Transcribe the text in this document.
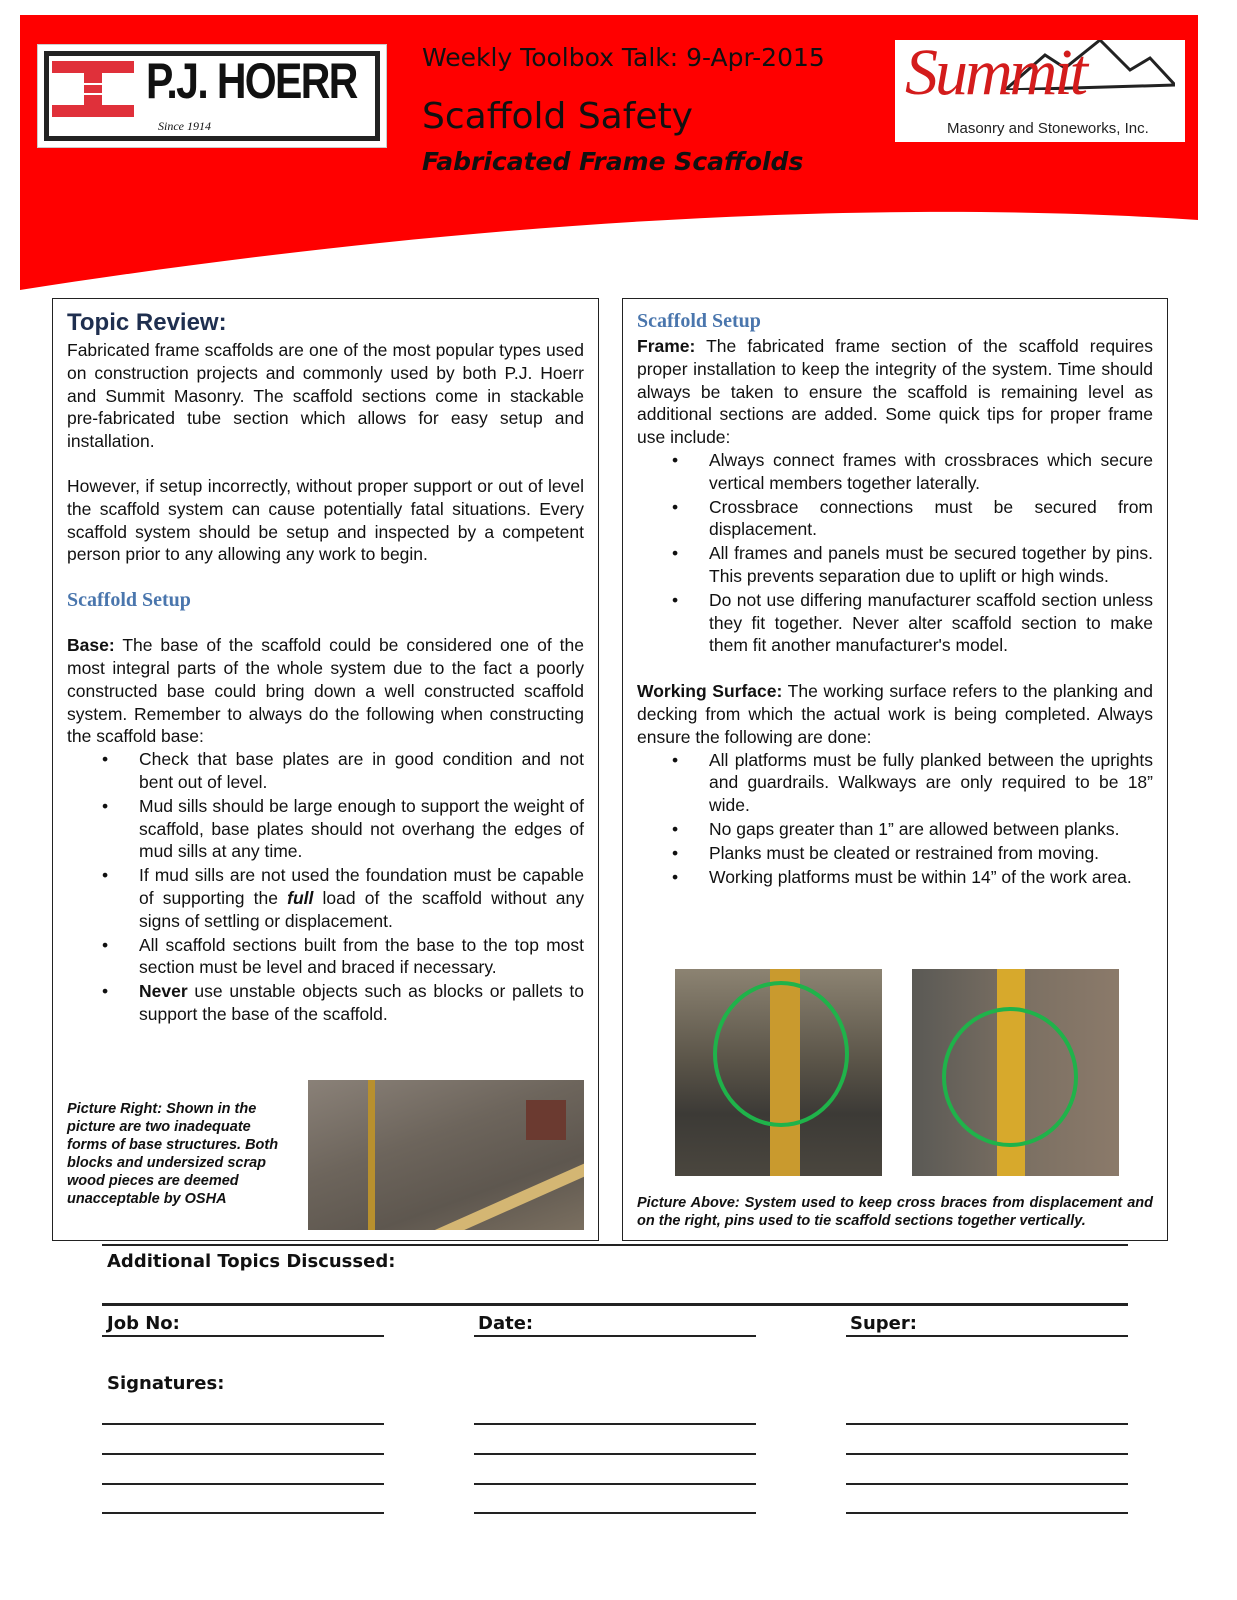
P.J. HOERR
Since 1914
Weekly Toolbox Talk: 9-Apr-2015
Scaffold Safety
Fabricated Frame Scaffolds
Summit
Masonry and Stoneworks, Inc.
Topic Review:

Fabricated frame scaffolds are one of the most popular types used on construction projects and commonly used by both P.J. Hoerr and Summit Masonry. The scaffold sections come in stackable pre-fabricated tube section which allows for easy setup and installation.

However, if setup incorrectly, without proper support or out of level the scaffold system can cause potentially fatal situations. Every scaffold system should be setup and inspected by a competent person prior to any allowing any work to begin.

Scaffold Setup

Base: The base of the scaffold could be considered one of the most integral parts of the whole system due to the fact a poorly constructed base could bring down a well constructed scaffold system. Remember to always do the following when constructing the scaffold base:

• Check that base plates are in good condition and not bent out of level.
• Mud sills should be large enough to support the weight of scaffold, base plates should not overhang the edges of mud sills at any time.
• If mud sills are not used the foundation must be capable of supporting the full load of the scaffold without any signs of settling or displacement.
• All scaffold sections built from the base to the top most section must be level and braced if necessary.
• Never use unstable objects such as blocks or pallets to support the base of the scaffold.
Picture Right: Shown in the picture are two inadequate forms of base structures. Both blocks and undersized scrap wood pieces are deemed unacceptable by OSHA
Scaffold Setup

Frame: The fabricated frame section of the scaffold requires proper installation to keep the integrity of the system. Time should always be taken to ensure the scaffold is remaining level as additional sections are added. Some quick tips for proper frame use include:

• Always connect frames with crossbraces which secure vertical members together laterally.
• Crossbrace connections must be secured from displacement.
• All frames and panels must be secured together by pins. This prevents separation due to uplift or high winds.
• Do not use differing manufacturer scaffold section unless they fit together. Never alter scaffold section to make them fit another manufacturer's model.

Working Surface: The working surface refers to the planking and decking from which the actual work is being completed. Always ensure the following are done:

• All platforms must be fully planked between the uprights and guardrails. Walkways are only required to be 18” wide.
• No gaps greater than 1” are allowed between planks.
• Planks must be cleated or restrained from moving.
• Working platforms must be within 14” of the work area.
Picture Above: System used to keep cross braces from displacement and on the right, pins used to tie scaffold sections together vertically.
Additional Topics Discussed:
Job No:	Date:	Super:
Signatures:
